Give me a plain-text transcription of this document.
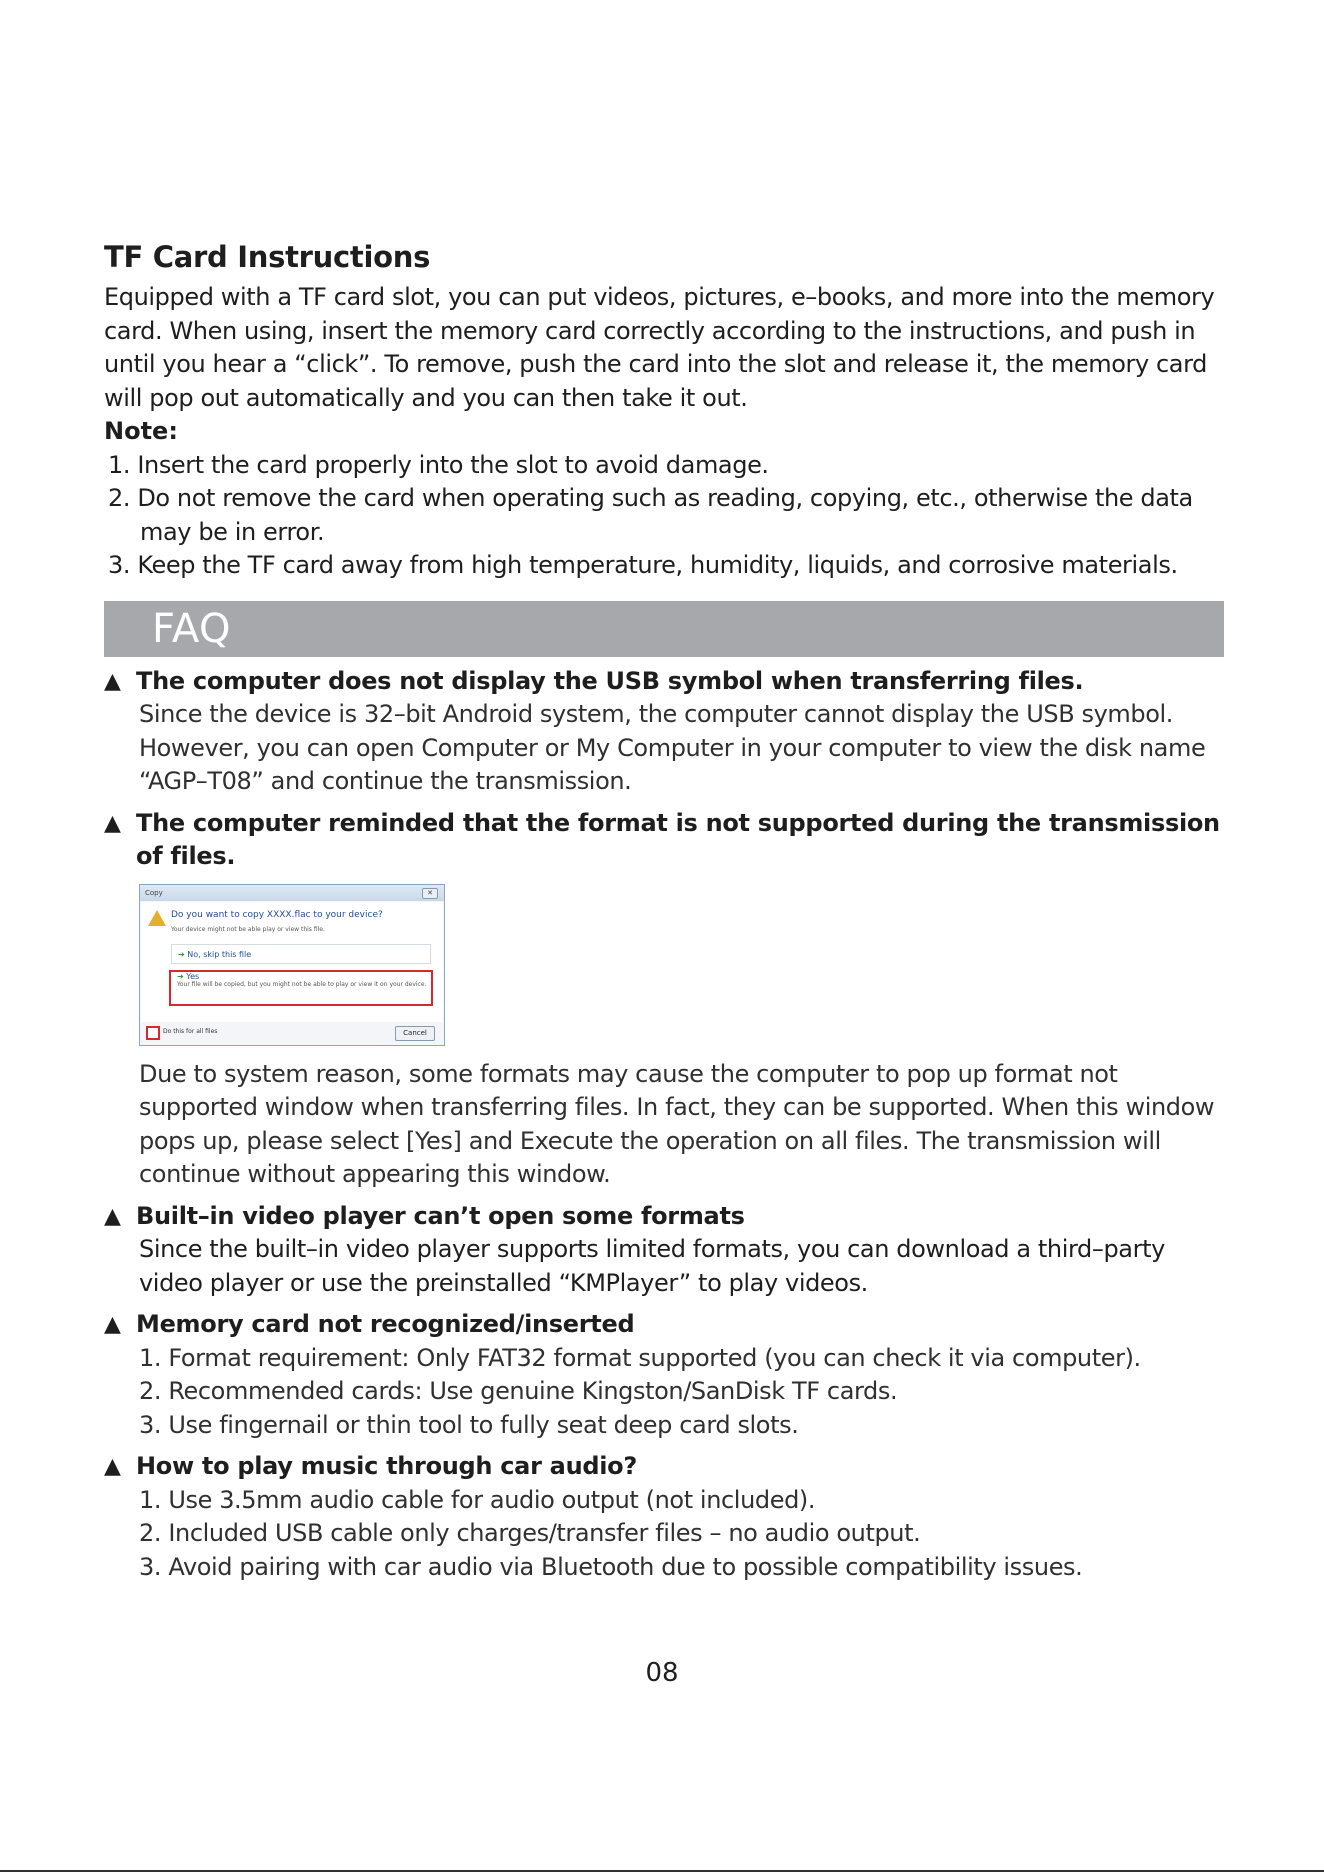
TF Card Instructions

Equipped with a TF card slot, you can put videos, pictures, e–books, and more into the memory card. When using, insert the memory card correctly according to the instructions, and push in until you hear a “click”. To remove, push the card into the slot and release it, the memory card will pop out automatically and you can then take it out.

Note:
1. Insert the card properly into the slot to avoid damage.
2. Do not remove the card when operating such as reading, copying, etc., otherwise the data may be in error.
3. Keep the TF card away from high temperature, humidity, liquids, and corrosive materials.
FAQ
▲ The computer does not display the USB symbol when transferring files.
Since the device is 32–bit Android system, the computer cannot display the USB symbol. However, you can open Computer or My Computer in your computer to view the disk name “AGP–T08” and continue the transmission.
▲ The computer reminded that the format is not supported during the transmission of files.
Copy	✕
Do you want to copy XXXX.flac to your device?
Your device might not be able play or view this file.
➜ No, skip this file
➜ Yes
Your file will be copied, but you might not be able to play or view it on your device.
Do this for all files	Cancel
Due to system reason, some formats may cause the computer to pop up format not supported window when transferring files. In fact, they can be supported. When this window pops up, please select [Yes] and Execute the operation on all files. The transmission will continue without appearing this window.
▲ Built–in video player can’t open some formats
Since the built–in video player supports limited formats, you can download a third–party video player or use the preinstalled “KMPlayer” to play videos.
▲ Memory card not recognized/inserted
1. Format requirement: Only FAT32 format supported (you can check it via computer).
2. Recommended cards: Use genuine Kingston/SanDisk TF cards.
3. Use fingernail or thin tool to fully seat deep card slots.
▲ How to play music through car audio?
1. Use 3.5mm audio cable for audio output (not included).
2. Included USB cable only charges/transfer files – no audio output.
3. Avoid pairing with car audio via Bluetooth due to possible compatibility issues.
08
